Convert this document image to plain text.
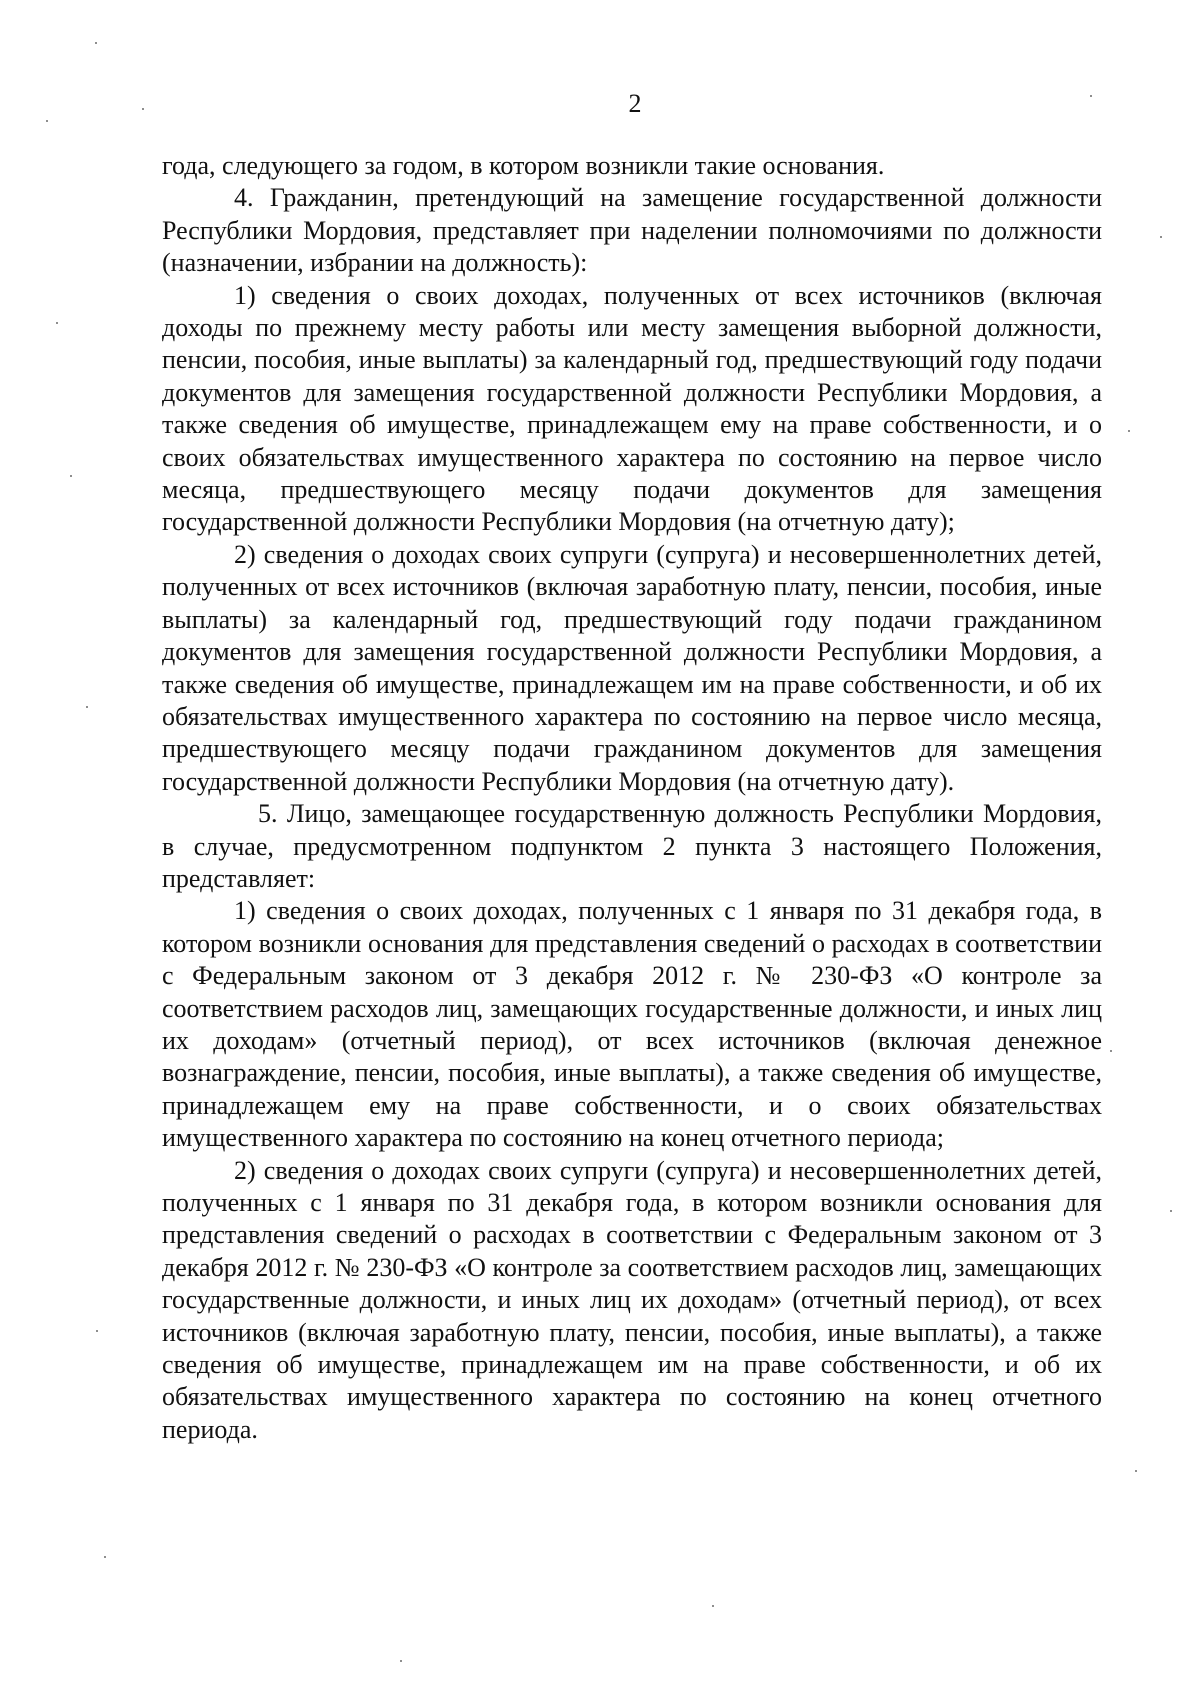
2

года, следующего за годом, в котором возникли такие основания.

4. Гражданин, претендующий на замещение государственной должности Республики Мордовия, представляет при наделении полномочиями по должности (назначении, избрании на должность):

1) сведения о своих доходах, полученных от всех источников (включая доходы по прежнему месту работы или месту замещения выборной должности, пенсии, пособия, иные выплаты) за календарный год, предшествующий году подачи документов для замещения государственной должности Республики Мордовия, а также сведения об имуществе, принадлежащем ему на праве собственности, и о своих обязательствах имущественного характера по состоянию на первое число месяца, предшествующего месяцу подачи документов для замещения государственной должности Республики Мордовия (на отчетную дату);

2) сведения о доходах своих супруги (супруга) и несовершеннолетних детей, полученных от всех источников (включая заработную плату, пенсии, пособия, иные выплаты) за календарный год, предшествующий году подачи гражданином документов для замещения государственной должности Республики Мордовия, а также сведения об имуществе, принадлежащем им на праве собственности, и об их обязательствах имущественного характера по состоянию на первое число месяца, предшествующего месяцу подачи гражданином документов для замещения государственной должности Республики Мордовия (на отчетную дату).

5. Лицо, замещающее государственную должность Республики Мордовия, в случае, предусмотренном подпунктом 2 пункта 3 настоящего Положения, представляет:

1) сведения о своих доходах, полученных с 1 января по 31 декабря года, в котором возникли основания для представления сведений о расходах в соответствии с Федеральным законом от 3 декабря 2012 г. № 230-ФЗ «О контроле за соответствием расходов лиц, замещающих государственные должности, и иных лиц их доходам» (отчетный период), от всех источников (включая денежное вознаграждение, пенсии, пособия, иные выплаты), а также сведения об имуществе, принадлежащем ему на праве собственности, и о своих обязательствах имущественного характера по состоянию на конец отчетного периода;

2) сведения о доходах своих супруги (супруга) и несовершеннолетних детей, полученных с 1 января по 31 декабря года, в котором возникли основания для представления сведений о расходах в соответствии с Федеральным законом от 3 декабря 2012 г. № 230-ФЗ «О контроле за соответствием расходов лиц, замещающих государственные должности, и иных лиц их доходам» (отчетный период), от всех источников (включая заработную плату, пенсии, пособия, иные выплаты), а также сведения об имуществе, принадлежащем им на праве собственности, и об их обязательствах имущественного характера по состоянию на конец отчетного периода.
